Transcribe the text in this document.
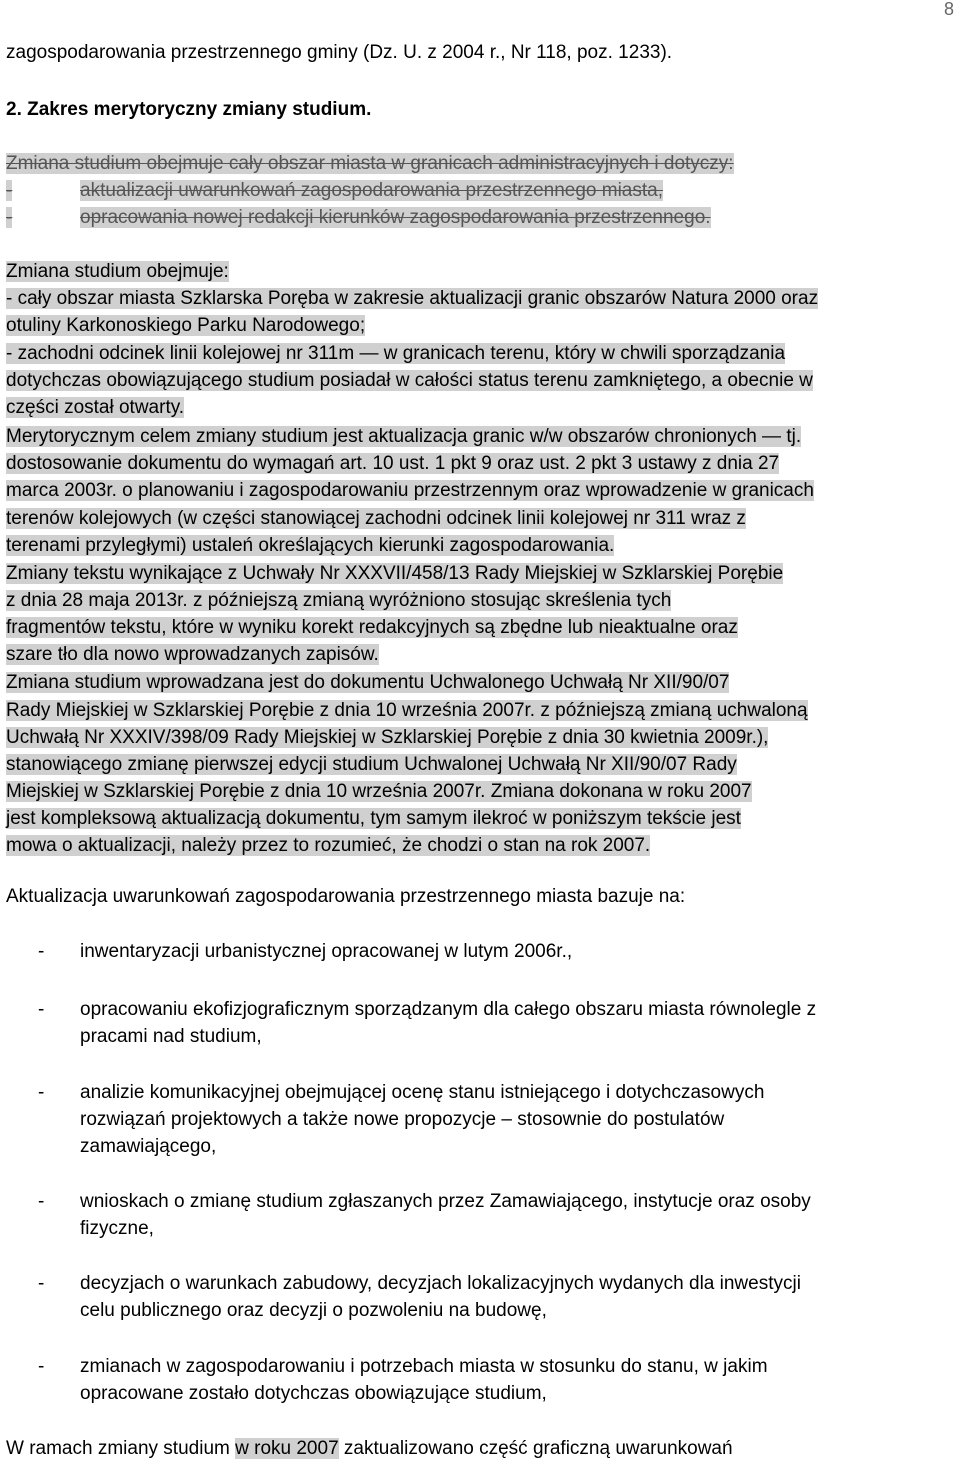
8
zagospodarowania przestrzennego gminy (Dz. U. z 2004 r., Nr 118, poz. 1233).
2. Zakres merytoryczny zmiany studium.
Zmiana studium obejmuje cały obszar miasta w granicach administracyjnych i dotyczy:
-	aktualizacji uwarunkowań zagospodarowania przestrzennego miasta,
-	opracowania nowej redakcji kierunków zagospodarowania przestrzennego.
Zmiana studium obejmuje:
- cały obszar miasta Szklarska Poręba w zakresie aktualizacji granic obszarów Natura 2000 oraz
otuliny Karkonoskiego Parku Narodowego;
- zachodni odcinek linii kolejowej nr 311m — w granicach terenu, który w chwili sporządzania
dotychczas obowiązującego studium posiadał w całości status terenu zamkniętego, a obecnie w
części został otwarty.
Merytorycznym celem zmiany studium jest aktualizacja granic w/w obszarów chronionych — tj.
dostosowanie dokumentu do wymagań art. 10 ust. 1 pkt 9 oraz ust. 2 pkt 3 ustawy z dnia 27
marca 2003r. o planowaniu i zagospodarowaniu przestrzennym oraz wprowadzenie w granicach
terenów kolejowych (w części stanowiącej zachodni odcinek linii kolejowej nr 311 wraz z
terenami przyległymi) ustaleń określających kierunki zagospodarowania.
Zmiany tekstu wynikające z Uchwały Nr XXXVII/458/13 Rady Miejskiej w Szklarskiej Porębie
z dnia 28 maja 2013r. z późniejszą zmianą wyróżniono stosując skreślenia tych
fragmentów tekstu, które w wyniku korekt redakcyjnych są zbędne lub nieaktualne oraz
szare tło dla nowo wprowadzanych zapisów.
Zmiana studium wprowadzana jest do dokumentu Uchwalonego Uchwałą Nr XII/90/07
Rady Miejskiej w Szklarskiej Porębie z dnia 10 września 2007r. z późniejszą zmianą uchwaloną
Uchwałą Nr XXXIV/398/09 Rady Miejskiej w Szklarskiej Porębie z dnia 30 kwietnia 2009r.),
stanowiącego zmianę pierwszej edycji studium Uchwalonej Uchwałą Nr XII/90/07 Rady
Miejskiej w Szklarskiej Porębie z dnia 10 września 2007r. Zmiana dokonana w roku 2007
jest kompleksową aktualizacją dokumentu, tym samym ilekroć w poniższym tekście jest
mowa o aktualizacji, należy przez to rozumieć, że chodzi o stan na rok 2007.
Aktualizacja uwarunkowań zagospodarowania przestrzennego miasta bazuje na:
- inwentaryzacji urbanistycznej opracowanej w lutym 2006r.,
- opracowaniu ekofizjograficznym sporządzanym dla całego obszaru miasta równolegle z
pracami nad studium,
- analizie komunikacyjnej obejmującej ocenę stanu istniejącego i dotychczasowych
rozwiązań projektowych a także nowe propozycje – stosownie do postulatów
zamawiającego,
- wnioskach o zmianę studium zgłaszanych przez Zamawiającego, instytucje oraz osoby
fizyczne,
- decyzjach o warunkach zabudowy, decyzjach lokalizacyjnych wydanych dla inwestycji
celu publicznego oraz decyzji o pozwoleniu na budowę,
- zmianach w zagospodarowaniu i potrzebach miasta w stosunku do stanu, w jakim
opracowane zostało dotychczas obowiązujące studium,
W ramach zmiany studium w roku 2007 zaktualizowano część graficzną uwarunkowań
